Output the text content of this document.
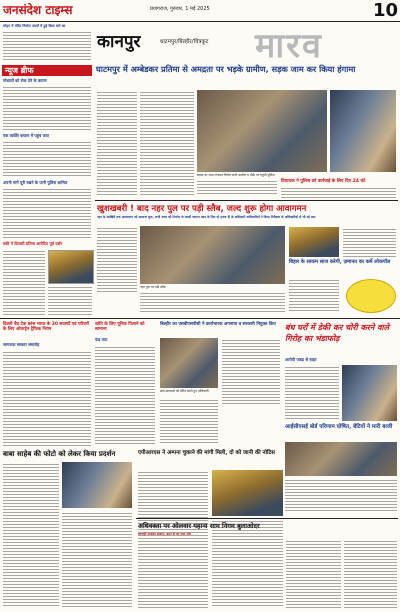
जनसंदेश टाइम्स	प्रयागराज, गुरुवार, 1 मई 2025	10
मोहन में मंदिर निर्माण कार्यों में हुई किस घरों का
न्यूज ब्रीफ
गोशालों को रोक देने के कारण
एक व्यक्ति बाजार में पहुंच जाए
अपनी मांगें पूरी रखने के पानी पुलिस शामिल
वकी ने दिवाली प्रतिमा आवेदित पूर्व दर्शन
कानपुर	धाटमपुर/बिल्हौर/चित्रकूट	मारव
घाटमपुर में अम्बेडकर प्रतिमा से अमद्रता पर भड़के ग्रामीण, सड़क जाम कर किया हंगामा
सड़क पर जाम लगाकर विरोध करते ग्रामीण व मौके पर पहुंची पुलिस
विधायक ने पुलिस को कार्रवाई के लिए दिए 24 घंटे
खुशखबरी ! बाद नहर पुल पर पड़ी स्लैब, जल्द शुरू होगा आवागमन
नहर के आखिरी तक आवागमन जो सामान्य सुरू, सभी आज को निर्माण के जल्दी जाएगा काम के लिए यो हफ्ता दी के अधिकारी अधिकारियों ने किया निरीक्षण के अधिकारियों से भी को बात
नहर पुल पर पड़ी स्लैब
बिहार के साकम साज करेगी, ज़मानत का कर्मे लोकपॉल
दिल्ली बैठ टेक फ्रांस भारत के 30 सदस्यों एवं परिवरों के लिए ओवरट्रेन ट्रैफिक नियम
जागरूक सरकार समारोह
बाबा साहेब की फोटो को लेकर किया प्रदर्शन
शांति के लिए यूनिक पिलाने को सामान्य
फंड मठा
बिल्हौर का एसबीएसपीसी ने कार्यभारक अपनाया व सरकारी नियुक्त किए
छात्र-छात्राओं को प्रेरित करते हुए अधिकारी
एपीआरएस ने अम्पना चुकाने की मांगी मिली, दो को जानी की नोटिस
बंध घरों में डेकी कर चोरी करने वाले गिरोह का भंडाफोड़
आरोपी पकड़ से बाहर
आईसीएसई बोर्ड परिणाम घोषित, बेटियों ने मारी बाजी
अधिवक्ता पर ओलवार यहाना साम निगम बुलाओदर
जानाही अफसर डाक्टर, बहन से जा जान अथ
